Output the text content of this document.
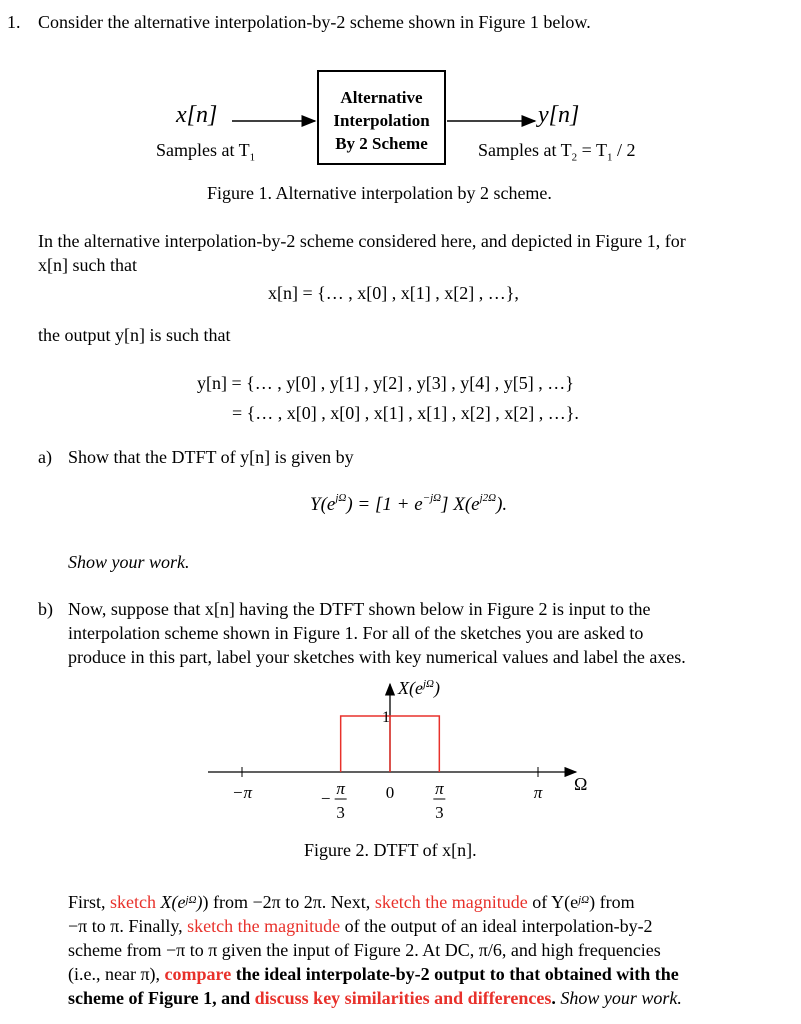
1. Consider the alternative interpolation-by-2 scheme shown in Figure 1 below.
x[n]
Samples at $T_1$
Alternative
Interpolation
By 2 Scheme
y[n]
Samples at $T_2 = T_1 / 2$
Figure 1. Alternative interpolation by 2 scheme.
In the alternative interpolation-by-2 scheme considered here, and depicted in Figure 1, for
x[n] such that
x[n] = {… , x[0] , x[1] , x[2] , …},
the output y[n] is such that
y[n] = {… , y[0] , y[1] , y[2] , y[3] , y[4] , y[5] , …}
= {… , x[0] , x[0] , x[1] , x[1] , x[2] , x[2] , …}.
a) Show that the DTFT of y[n] is given by
$Y(e^{j\Omega}) = [1 + e^{-j\Omega}]$ $X(e^{j2\Omega})$.
Show your work.
b) Now, suppose that x[n] having the DTFT shown below in Figure 2 is input to the
interpolation scheme shown in Figure 1. For all of the sketches you are asked to
produce in this part, label your sketches with key numerical values and label the axes.
−π	π
0
π
3
−
π
3
Ω
$X(e^{j\Omega})$
1
Figure 2. DTFT of x[n].
First, sketch $X(e^{j\Omega})$) from −2π to 2π. Next, sketch the magnitude of $Y(e^{j\Omega})$ from
−π to π. Finally, sketch the magnitude of the output of an ideal interpolation-by-2
scheme from −π to π given the input of Figure 2. At DC, π/6, and high frequencies
(i.e., near π), compare the ideal interpolate-by-2 output to that obtained with the
scheme of Figure 1, and discuss key similarities and differences. Show your work.
